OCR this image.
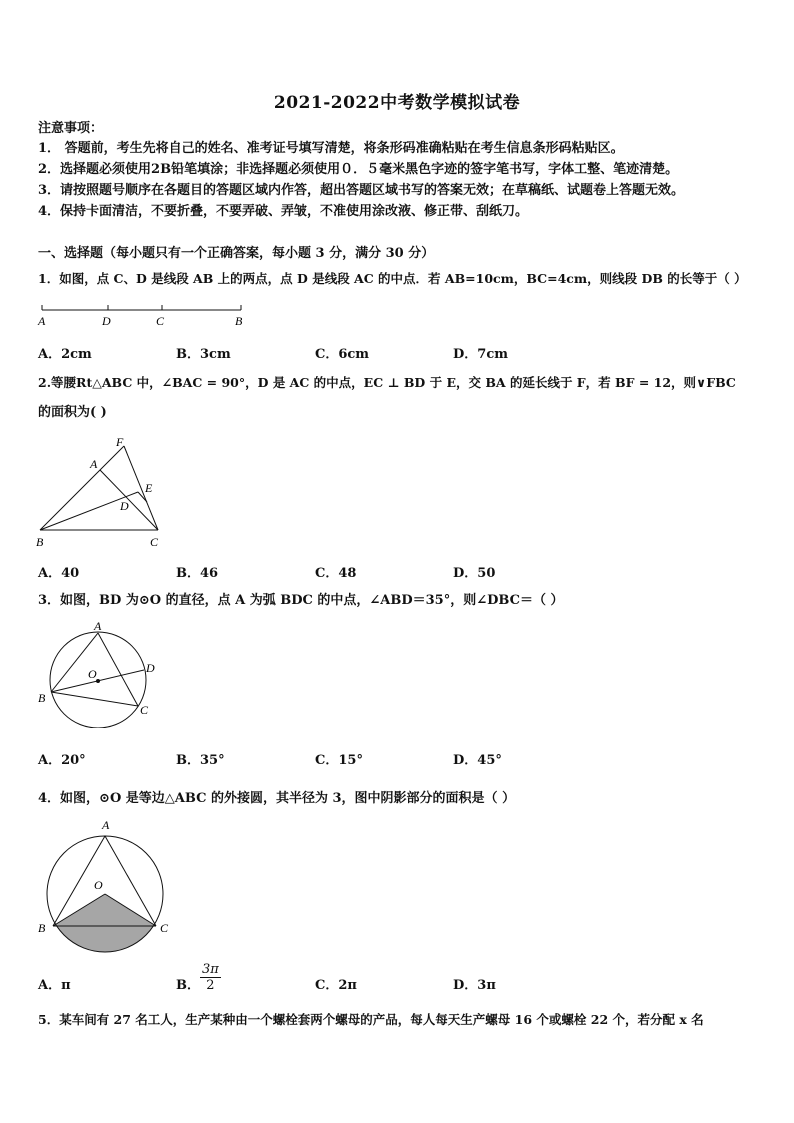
2021-2022中考数学模拟试卷
注意事项：
1． 答题前，考生先将自己的姓名、准考证号填写清楚，将条形码准确粘贴在考生信息条形码粘贴区。
2．选择题必须使用2B铅笔填涂；非选择题必须使用０．５毫米黑色字迹的签字笔书写，字体工整、笔迹清楚。
3．请按照题号顺序在各题目的答题区域内作答，超出答题区域书写的答案无效；在草稿纸、试题卷上答题无效。
4．保持卡面清洁，不要折叠，不要弄破、弄皱，不准使用涂改液、修正带、刮纸刀。
一、选择题（每小题只有一个正确答案，每小题 3 分，满分 30 分）
1．如图，点 C、D 是线段 AB 上的两点，点 D 是线段 AC 的中点．若 AB=10cm，BC=4cm，则线段 DB 的长等于（ ）
A	D	C	B
A．2cm	B．3cm	C．6cm	D．7cm
2.等腰Rt△ABC 中，∠BAC = 90°，D 是 AC 的中点，EC ⊥ BD 于 E，交 BA 的延长线于 F，若 BF = 12，则∨FBC
的面积为( )
F
A
E
D
B	C
A．40	B．46	C．48	D．50
3．如图，BD 为⊙O 的直径，点 A 为弧 BDC 的中点，∠ABD＝35°，则∠DBC＝（ ）
A
O	D
B
C
A．20°	B．35°	C．15°	D．45°
4．如图，⊙O 是等边△ABC 的外接圆，其半径为 3，图中阴影部分的面积是（ ）
A
O
B	C
A．π	B． $\frac{3\pi}{2}$	C．2π	D．3π
5．某车间有 27 名工人，生产某种由一个螺栓套两个螺母的产品，每人每天生产螺母 16 个或螺栓 22 个，若分配 x 名
